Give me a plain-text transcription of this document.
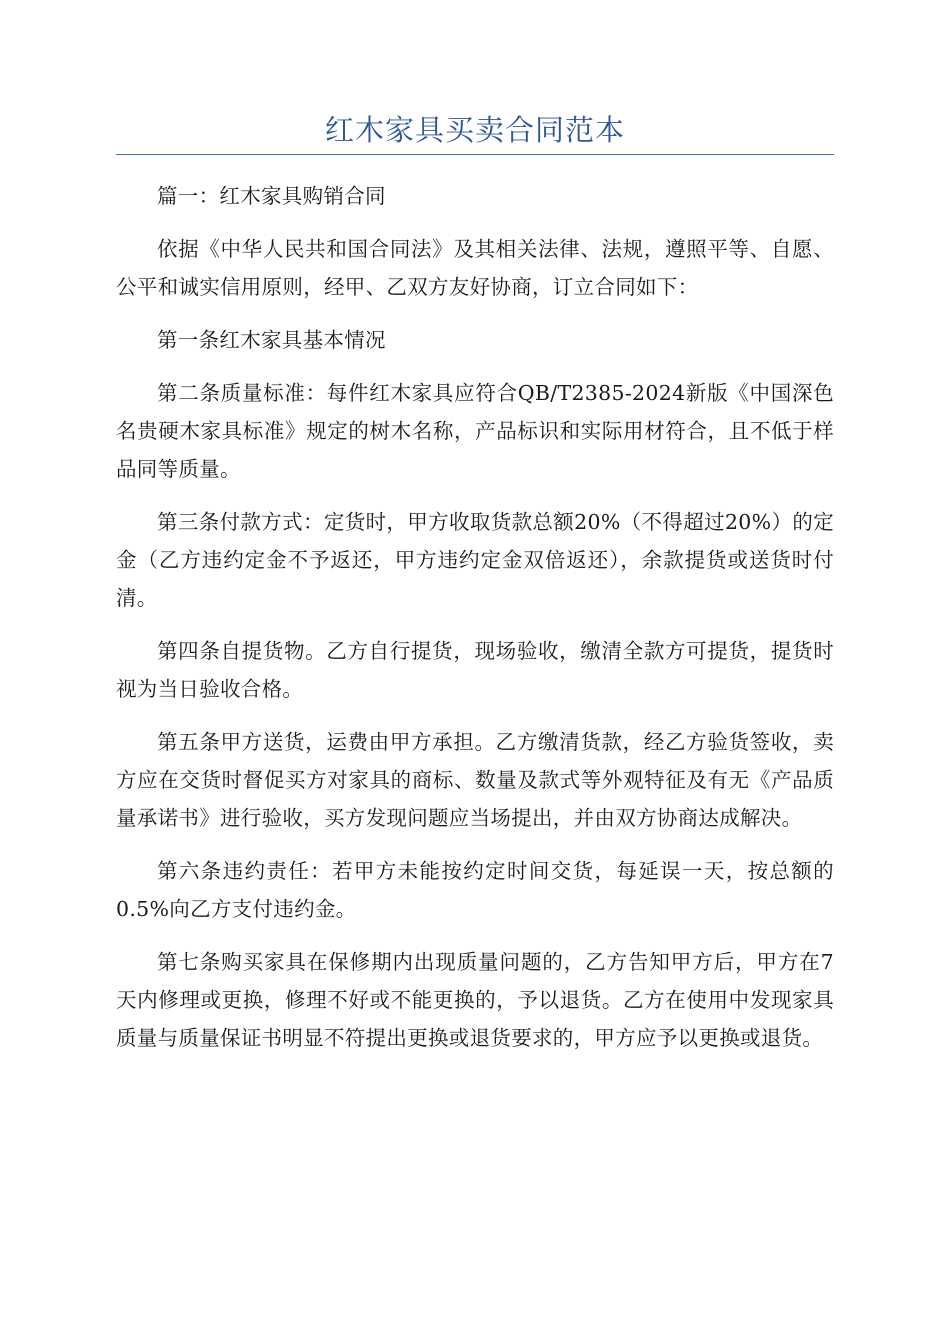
红木家具买卖合同范本

篇一：红木家具购销合同

依据《中华人民共和国合同法》及其相关法律、法规，遵照平等、自愿、公平和诚实信用原则，经甲、乙双方友好协商，订立合同如下：

第一条红木家具基本情况

第二条质量标准：每件红木家具应符合QB/T2385-2024新版《中国深色名贵硬木家具标准》规定的树木名称，产品标识和实际用材符合，且不低于样品同等质量。

第三条付款方式：定货时，甲方收取货款总额20%（不得超过20%）的定金（乙方违约定金不予返还，甲方违约定金双倍返还），余款提货或送货时付清。

第四条自提货物。乙方自行提货，现场验收，缴清全款方可提货，提货时视为当日验收合格。

第五条甲方送货，运费由甲方承担。乙方缴清货款，经乙方验货签收，卖方应在交货时督促买方对家具的商标、数量及款式等外观特征及有无《产品质量承诺书》进行验收，买方发现问题应当场提出，并由双方协商达成解决。

第六条违约责任：若甲方未能按约定时间交货，每延误一天，按总额的0.5%向乙方支付违约金。

第七条购买家具在保修期内出现质量问题的，乙方告知甲方后，甲方在7天内修理或更换，修理不好或不能更换的，予以退货。乙方在使用中发现家具质量与质量保证书明显不符提出更换或退货要求的，甲方应予以更换或退货。
